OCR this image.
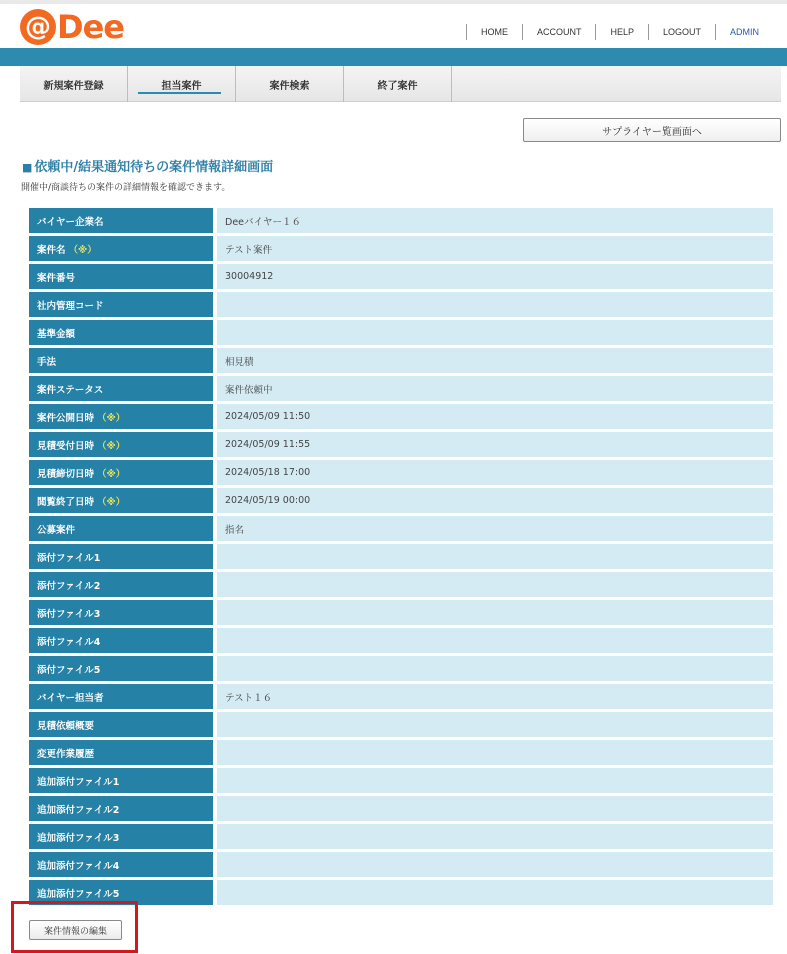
@ Dee	HOME	ACCOUNT	HELP	LOGOUT	ADMIN
新規案件登録	担当案件	案件検索	終了案件
サプライヤー覧画面へ
■ 依頼中/結果通知待ちの案件情報詳細画面
開催中/商談待ちの案件の詳細情報を確認できます。
バイヤー企業名	Deeバイヤー１６
案件名 （※）	テスト案件
案件番号	30004912
社内管理コード
基準金額
手法	相見積
案件ステータス	案件依頼中
案件公開日時 （※）	2024/05/09 11:50
見積受付日時 （※）	2024/05/09 11:55
見積締切日時 （※）	2024/05/18 17:00
閲覧終了日時 （※）	2024/05/19 00:00
公募案件	指名
添付ファイル1
添付ファイル2
添付ファイル3
添付ファイル4
添付ファイル5
バイヤー担当者	テスト１６
見積依頼概要
変更作業履歴
追加添付ファイル1
追加添付ファイル2
追加添付ファイル3
追加添付ファイル4
追加添付ファイル5
案件情報の編集
